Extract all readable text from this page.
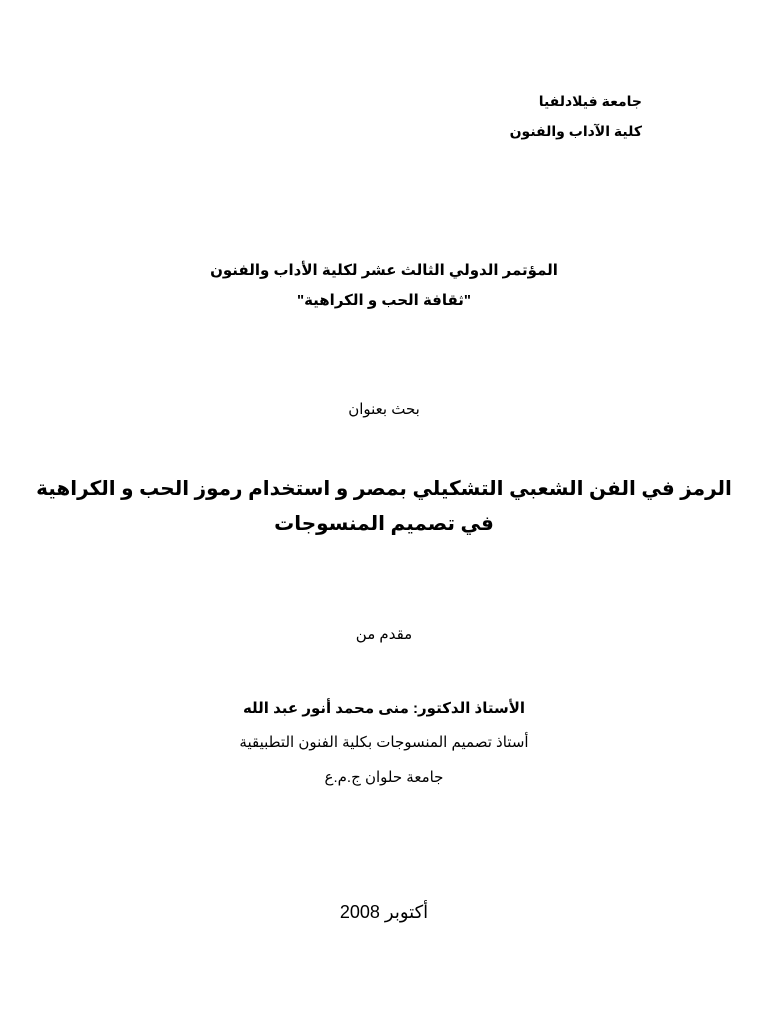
جامعة فيلادلفيا
كلية الآداب والفنون
المؤتمر الدولي الثالث عشر لكلية الأداب والفنون
"ثقافة الحب و الكراهية"
بحث بعنوان
الرمز في الفن الشعبي التشكيلي بمصر و استخدام رموز الحب و الكراهية
في تصميم المنسوجات
مقدم من
الأستاذ الدكتور: منى محمد أنور عبد الله
أستاذ تصميم المنسوجات بكلية الفنون التطبيقية
جامعة حلوان ج.م.ع
أكتوبر 2008
